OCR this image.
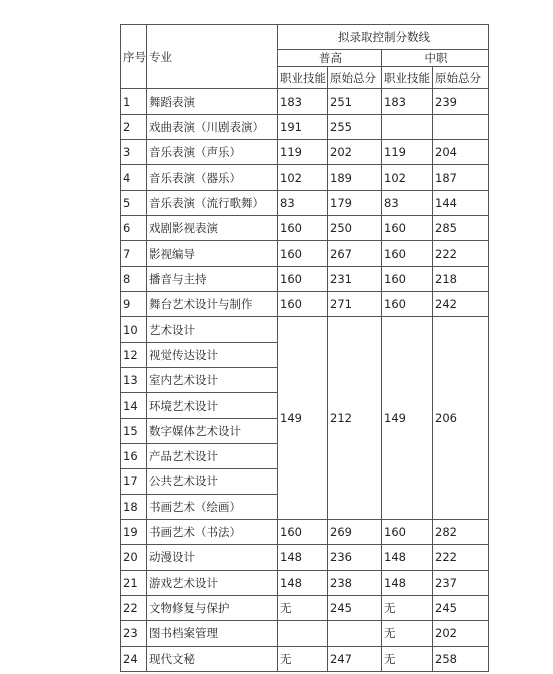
序号	专业	拟录取控制分数线			
		普高		中职	
		职业技能	原始总分	职业技能	原始总分
1	舞蹈表演	183	251	183	239
2	戏曲表演（川剧表演）	191	255		
3	音乐表演（声乐）	119	202	119	204
4	音乐表演（器乐）	102	189	102	187
5	音乐表演（流行歌舞）	83	179	83	144
6	戏剧影视表演	160	250	160	285
7	影视编导	160	267	160	222
8	播音与主持	160	231	160	218
9	舞台艺术设计与制作	160	271	160	242
10	艺术设计	149	212	149	206
12	视觉传达设计				
13	室内艺术设计				
14	环境艺术设计				
15	数字媒体艺术设计				
16	产品艺术设计				
17	公共艺术设计				
18	书画艺术（绘画）				
19	书画艺术（书法）	160	269	160	282
20	动漫设计	148	236	148	222
21	游戏艺术设计	148	238	148	237
22	文物修复与保护	无	245	无	245
23	图书档案管理			无	202
24	现代文秘	无	247	无	258
